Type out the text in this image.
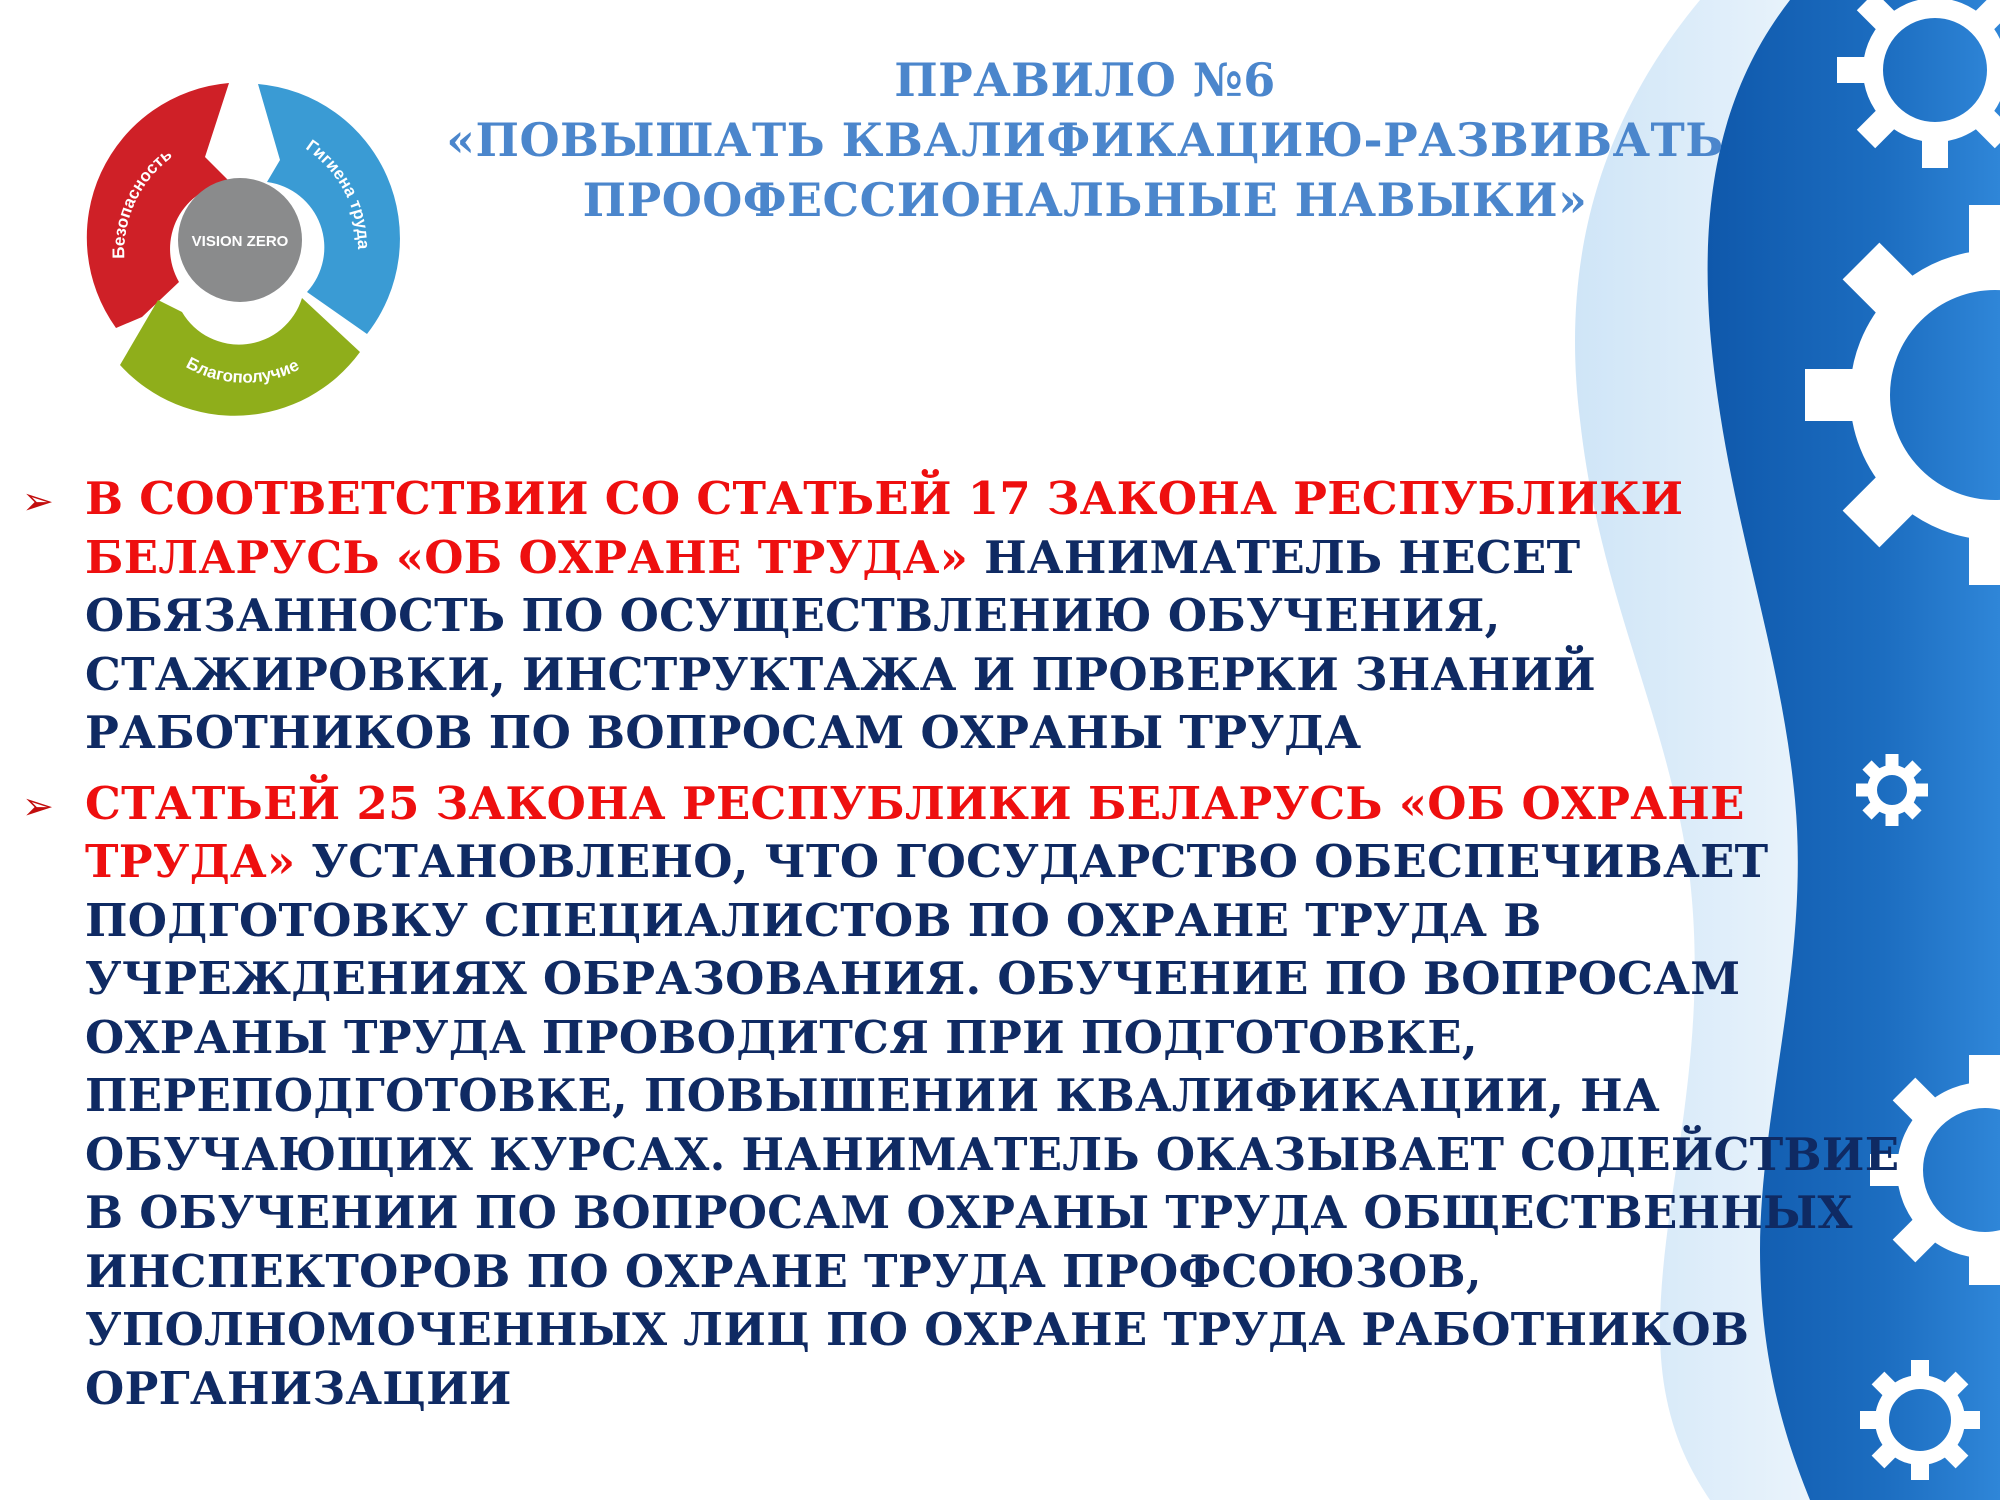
VISION ZERO
Безопасность	Гигиена труда
Благополучие
ПРАВИЛО №6
«ПОВЫШАТЬ КВАЛИФИКАЦИЮ-РАЗВИВАТЬ
ПРООФЕССИОНАЛЬНЫЕ НАВЫКИ»
➢ В СООТВЕТСТВИИ СО СТАТЬЕЙ 17 ЗАКОНА РЕСПУБЛИКИ
БЕЛАРУСЬ «ОБ ОХРАНЕ ТРУДА» НАНИМАТЕЛЬ НЕСЕТ
ОБЯЗАННОСТЬ ПО ОСУЩЕСТВЛЕНИЮ ОБУЧЕНИЯ,
СТАЖИРОВКИ, ИНСТРУКТАЖА И ПРОВЕРКИ ЗНАНИЙ
РАБОТНИКОВ ПО ВОПРОСАМ ОХРАНЫ ТРУДА
➢ СТАТЬЕЙ 25 ЗАКОНА РЕСПУБЛИКИ БЕЛАРУСЬ «ОБ ОХРАНЕ
ТРУДА» УСТАНОВЛЕНО, ЧТО ГОСУДАРСТВО ОБЕСПЕЧИВАЕТ
ПОДГОТОВКУ СПЕЦИАЛИСТОВ ПО ОХРАНЕ ТРУДА В
УЧРЕЖДЕНИЯХ ОБРАЗОВАНИЯ. ОБУЧЕНИЕ ПО ВОПРОСАМ
ОХРАНЫ ТРУДА ПРОВОДИТСЯ ПРИ ПОДГОТОВКЕ,
ПЕРЕПОДГОТОВКЕ, ПОВЫШЕНИИ КВАЛИФИКАЦИИ, НА
ОБУЧАЮЩИХ КУРСАХ. НАНИМАТЕЛЬ ОКАЗЫВАЕТ СОДЕЙСТВИЕ
В ОБУЧЕНИИ ПО ВОПРОСАМ ОХРАНЫ ТРУДА ОБЩЕСТВЕННЫХ
ИНСПЕКТОРОВ ПО ОХРАНЕ ТРУДА ПРОФСОЮЗОВ,
УПОЛНОМОЧЕННЫХ ЛИЦ ПО ОХРАНЕ ТРУДА РАБОТНИКОВ
ОРГАНИЗАЦИИ
